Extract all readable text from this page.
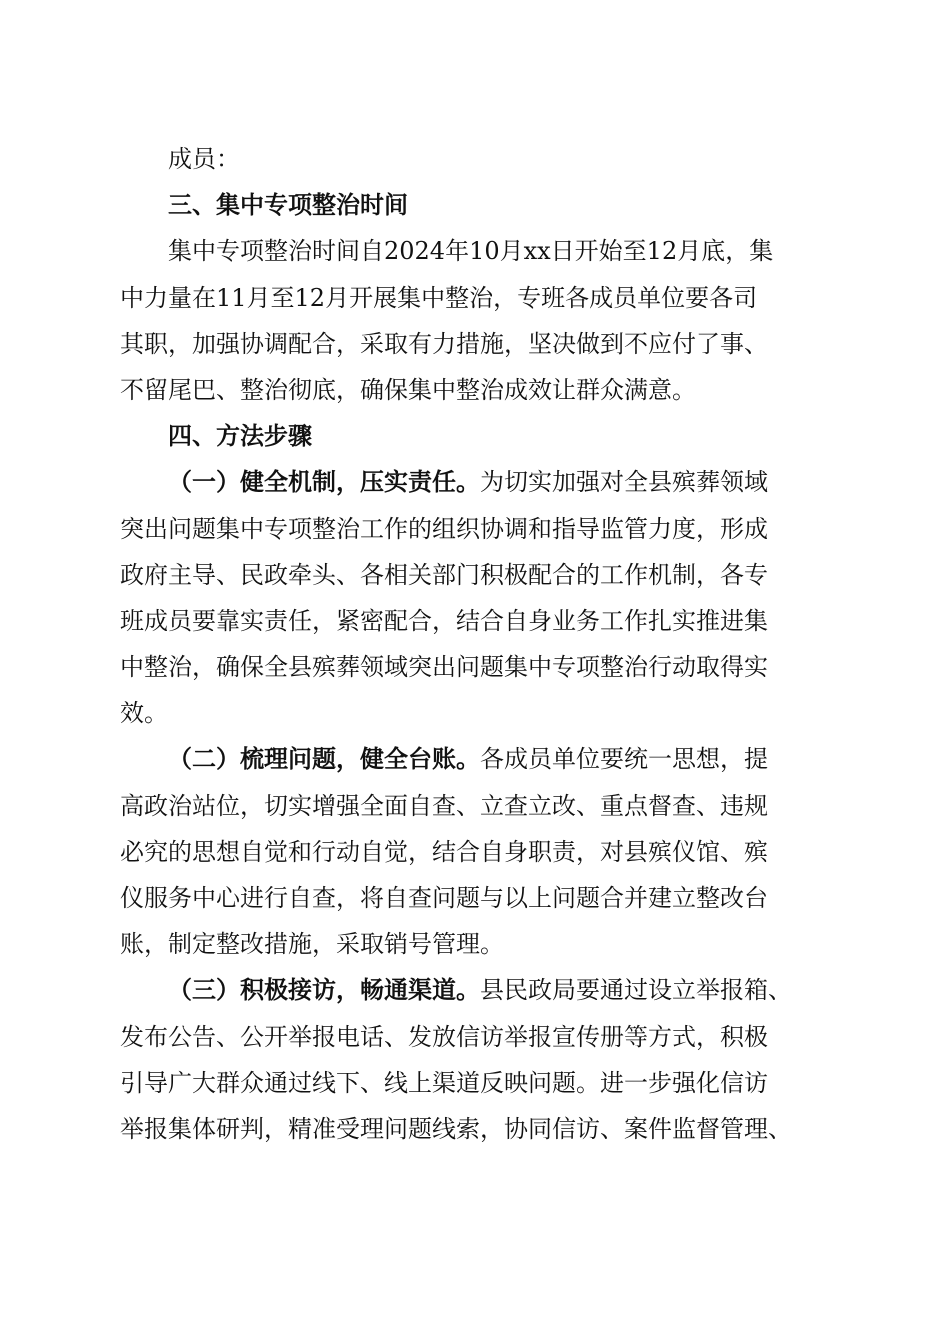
成员：
三、集中专项整治时间
集中专项整治时间自2024年10月xx日开始至12月底，集
中力量在11月至12月开展集中整治，专班各成员单位要各司
其职，加强协调配合，采取有力措施，坚决做到不应付了事、
不留尾巴、整治彻底，确保集中整治成效让群众满意。
四、方法步骤
（一）健全机制，压实责任。为切实加强对全县殡葬领域
突出问题集中专项整治工作的组织协调和指导监管力度，形成
政府主导、民政牵头、各相关部门积极配合的工作机制，各专
班成员要靠实责任，紧密配合，结合自身业务工作扎实推进集
中整治，确保全县殡葬领域突出问题集中专项整治行动取得实
效。
（二）梳理问题，健全台账。各成员单位要统一思想，提
高政治站位，切实增强全面自查、立查立改、重点督查、违规
必究的思想自觉和行动自觉，结合自身职责，对县殡仪馆、殡
仪服务中心进行自查，将自查问题与以上问题合并建立整改台
账，制定整改措施，采取销号管理。
（三）积极接访，畅通渠道。县民政局要通过设立举报箱、
发布公告、公开举报电话、发放信访举报宣传册等方式，积极
引导广大群众通过线下、线上渠道反映问题。进一步强化信访
举报集体研判，精准受理问题线索，协同信访、案件监督管理、
